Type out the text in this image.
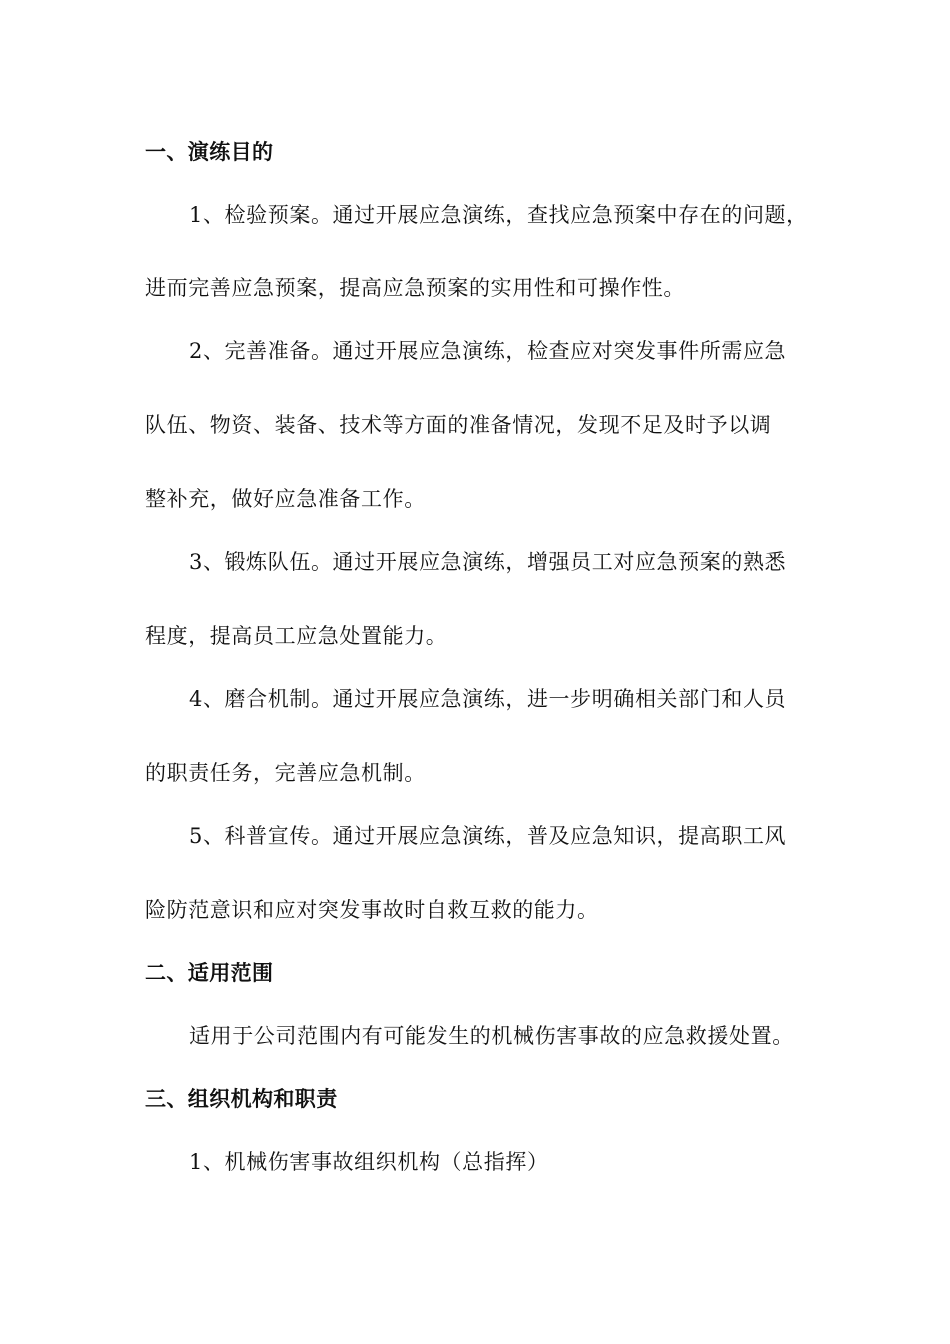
一、演练目的
1、检验预案。通过开展应急演练，查找应急预案中存在的问题，
进而完善应急预案，提高应急预案的实用性和可操作性。
2、完善准备。通过开展应急演练，检查应对突发事件所需应急
队伍、物资、装备、技术等方面的准备情况，发现不足及时予以调
整补充，做好应急准备工作。
3、锻炼队伍。通过开展应急演练，增强员工对应急预案的熟悉
程度，提高员工应急处置能力。
4、磨合机制。通过开展应急演练，进一步明确相关部门和人员
的职责任务，完善应急机制。
5、科普宣传。通过开展应急演练，普及应急知识，提高职工风
险防范意识和应对突发事故时自救互救的能力。
二、适用范围
适用于公司范围内有可能发生的机械伤害事故的应急救援处置。
三、组织机构和职责
1、机械伤害事故组织机构（总指挥）
